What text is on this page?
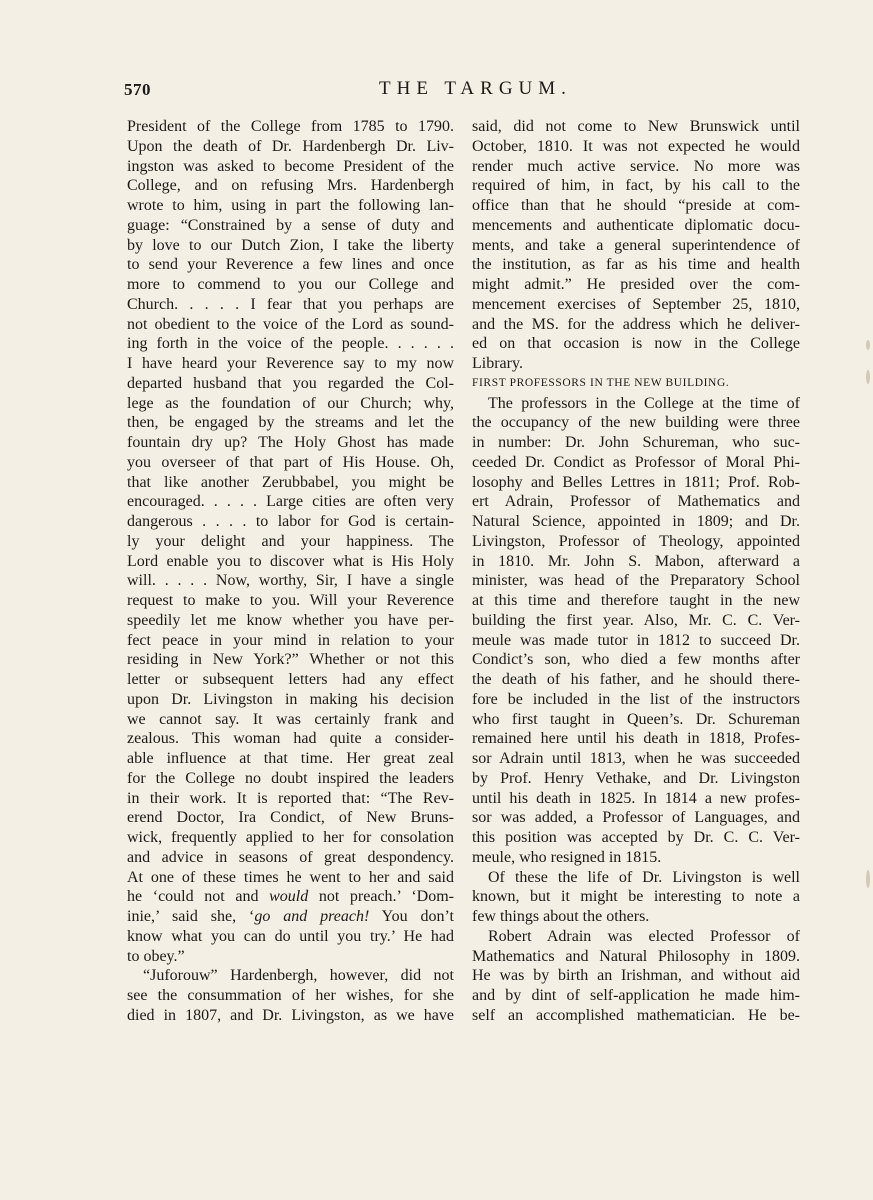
570	THE TARGUM.
President of the College from 1785 to 1790.
Upon the death of Dr. Hardenbergh Dr. Liv-
ingston was asked to become President of the
College, and on refusing Mrs. Hardenbergh
wrote to him, using in part the following lan-
guage: “Constrained by a sense of duty and
by love to our Dutch Zion, I take the liberty
to send your Reverence a few lines and once
more to commend to you our College and
Church. . . . . I fear that you perhaps are
not obedient to the voice of the Lord as sound-
ing forth in the voice of the people. . . . . .
I have heard your Reverence say to my now
departed husband that you regarded the Col-
lege as the foundation of our Church; why,
then, be engaged by the streams and let the
fountain dry up? The Holy Ghost has made
you overseer of that part of His House. Oh,
that like another Zerubbabel, you might be
encouraged. . . . . Large cities are often very
dangerous . . . . to labor for God is certain-
ly your delight and your happiness. The
Lord enable you to discover what is His Holy
will. . . . . Now, worthy, Sir, I have a single
request to make to you. Will your Reverence
speedily let me know whether you have per-
fect peace in your mind in relation to your
residing in New York?” Whether or not this
letter or subsequent letters had any effect
upon Dr. Livingston in making his decision
we cannot say. It was certainly frank and
zealous. This woman had quite a consider-
able influence at that time. Her great zeal
for the College no doubt inspired the leaders
in their work. It is reported that: “The Rev-
erend Doctor, Ira Condict, of New Bruns-
wick, frequently applied to her for consolation
and advice in seasons of great despondency.
At one of these times he went to her and said
he ‘could not and would not preach.’ ‘Dom-
inie,’ said she, ‘go and preach! You don’t
know what you can do until you try.’ He had
to obey.”
“Juforouw” Hardenbergh, however, did not
see the consummation of her wishes, for she
died in 1807, and Dr. Livingston, as we have
said, did not come to New Brunswick until
October, 1810. It was not expected he would
render much active service. No more was
required of him, in fact, by his call to the
office than that he should “preside at com-
mencements and authenticate diplomatic docu-
ments, and take a general superintendence of
the institution, as far as his time and health
might admit.” He presided over the com-
mencement exercises of September 25, 1810,
and the MS. for the address which he deliver-
ed on that occasion is now in the College
Library.
FIRST PROFESSORS IN THE NEW BUILDING.
The professors in the College at the time of
the occupancy of the new building were three
in number: Dr. John Schureman, who suc-
ceeded Dr. Condict as Professor of Moral Phi-
losophy and Belles Lettres in 1811; Prof. Rob-
ert Adrain, Professor of Mathematics and
Natural Science, appointed in 1809; and Dr.
Livingston, Professor of Theology, appointed
in 1810. Mr. John S. Mabon, afterward a
minister, was head of the Preparatory School
at this time and therefore taught in the new
building the first year. Also, Mr. C. C. Ver-
meule was made tutor in 1812 to succeed Dr.
Condict’s son, who died a few months after
the death of his father, and he should there-
fore be included in the list of the instructors
who first taught in Queen’s. Dr. Schureman
remained here until his death in 1818, Profes-
sor Adrain until 1813, when he was succeeded
by Prof. Henry Vethake, and Dr. Livingston
until his death in 1825. In 1814 a new profes-
sor was added, a Professor of Languages, and
this position was accepted by Dr. C. C. Ver-
meule, who resigned in 1815.
Of these the life of Dr. Livingston is well
known, but it might be interesting to note a
few things about the others.
Robert Adrain was elected Professor of
Mathematics and Natural Philosophy in 1809.
He was by birth an Irishman, and without aid
and by dint of self-application he made him-
self an accomplished mathematician. He be-
